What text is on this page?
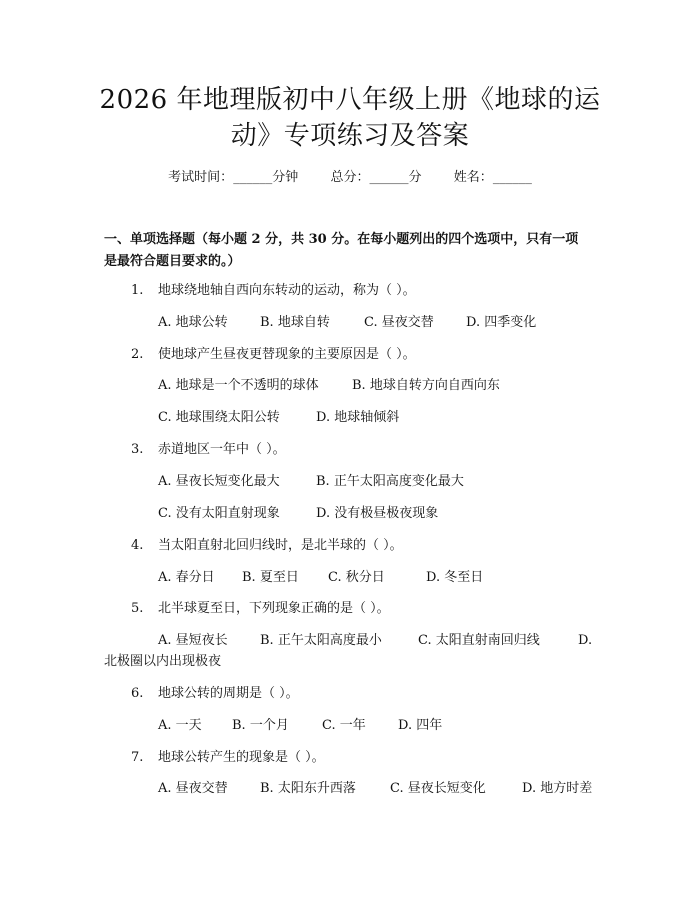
2026 年地理版初中八年级上册《地球的运
动》专项练习及答案
考试时间：______分钟 总分：______分 姓名：______
一、单项选择题（每小题 2 分，共 30 分。在每小题列出的四个选项中，只有一项
是最符合题目要求的。）
1. 地球绕地轴自西向东转动的运动，称为（ ）。
A. 地球公转 B. 地球自转	C. 昼夜交替 D. 四季变化
2. 使地球产生昼夜更替现象的主要原因是（ ）。
A. 地球是一个不透明的球体	B. 地球自转方向自西向东
C. 地球围绕太阳公转	D. 地球轴倾斜
3. 赤道地区一年中（ ）。
A. 昼夜长短变化最大	B. 正午太阳高度变化最大
C. 没有太阳直射现象	D. 没有极昼极夜现象
4. 当太阳直射北回归线时，是北半球的（ ）。
A. 春分日 B. 夏至日 C. 秋分日	D. 冬至日
5. 北半球夏至日，下列现象正确的是（ ）。
A. 昼短夜长 B. 正午太阳高度最小	C. 太阳直射南回归线	D.
北极圈以内出现极夜
6. 地球公转的周期是（ ）。
A. 一天 B. 一个月	C. 一年 D. 四年
7. 地球公转产生的现象是（ ）。
A. 昼夜交替 B. 太阳东升西落	C. 昼夜长短变化	D. 地方时差
